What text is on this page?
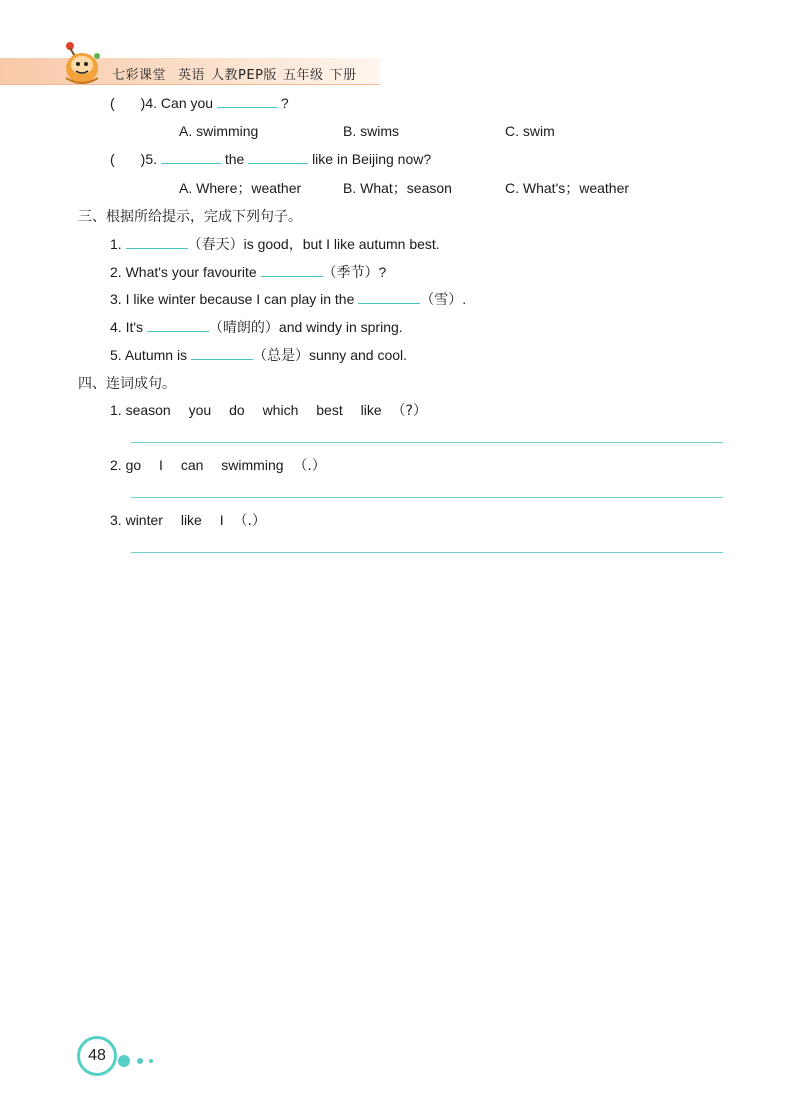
七彩课堂 英语 人教PEP版 五年级 下册
( )4. Can you	?
A. swimming	B. swims	C. swim
( )5.	the	like in Beijing now?
A. Where；weather	B. What；season	C. What's；weather
三、根据所给提示，完成下列句子。
1.	（春天）is good，but I like autumn best.
2. What's your favourite	（季节）?
3. I like winter because I can play in the	（雪）.
4. It's	（晴朗的）and windy in spring.
5. Autumn is	（总是）sunny and cool.
四、连词成句。
1. season you do which best like （?）
2. go I can swimming （.）
3. winter like I （.）
48
